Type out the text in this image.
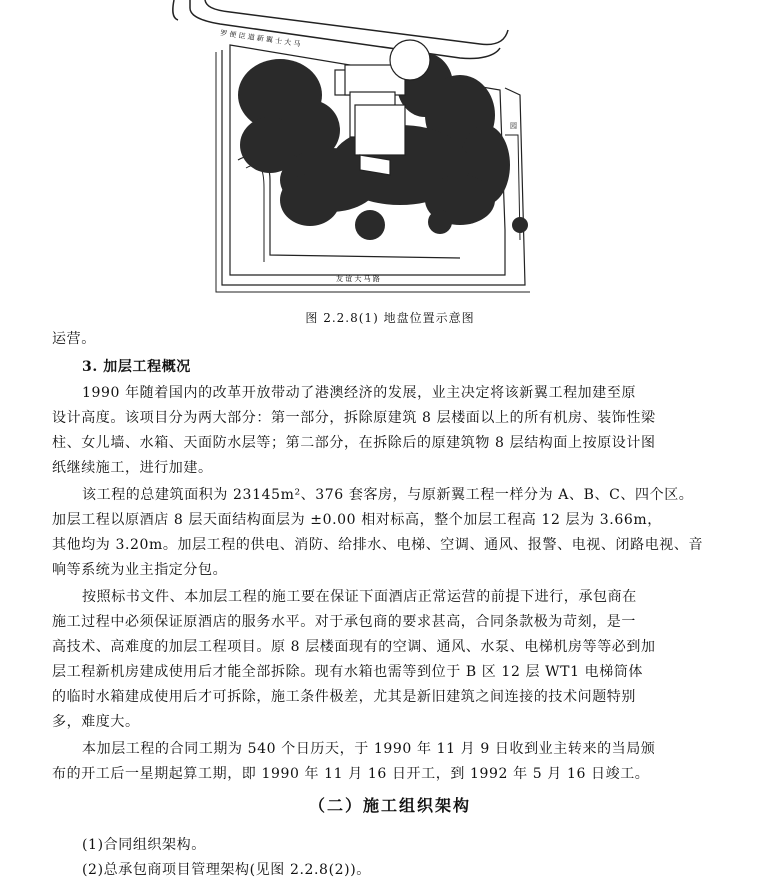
罗 便 臣 道 新 翼 士 大 马
友 谊 大 马 路
园
图 2.2.8(1) 地盘位置示意图
运营。
3. 加层工程概况
1990 年随着国内的改革开放带动了港澳经济的发展，业主决定将该新翼工程加建至原
设计高度。该项目分为两大部分：第一部分，拆除原建筑 8 层楼面以上的所有机房、装饰性梁
柱、女儿墙、水箱、天面防水层等；第二部分，在拆除后的原建筑物 8 层结构面上按原设计图
纸继续施工，进行加建。
该工程的总建筑面积为 23145m²、376 套客房，与原新翼工程一样分为 A、B、C、四个区。
加层工程以原酒店 8 层天面结构面层为 ±0.00 相对标高，整个加层工程高 12 层为 3.66m，
其他均为 3.20m。加层工程的供电、消防、给排水、电梯、空调、通风、报警、电视、闭路电视、音
响等系统为业主指定分包。
按照标书文件、本加层工程的施工要在保证下面酒店正常运营的前提下进行，承包商在
施工过程中必须保证原酒店的服务水平。对于承包商的要求甚高，合同条款极为苛刻，是一
高技术、高难度的加层工程项目。原 8 层楼面现有的空调、通风、水泵、电梯机房等等必到加
层工程新机房建成使用后才能全部拆除。现有水箱也需等到位于 B 区 12 层 WT1 电梯筒体
的临时水箱建成使用后才可拆除，施工条件极差，尤其是新旧建筑之间连接的技术问题特别
多，难度大。
本加层工程的合同工期为 540 个日历天，于 1990 年 11 月 9 日收到业主转来的当局颁
布的开工后一星期起算工期，即 1990 年 11 月 16 日开工，到 1992 年 5 月 16 日竣工。
（二）施工组织架构
(1)合同组织架构。
(2)总承包商项目管理架构(见图 2.2.8(2))。
